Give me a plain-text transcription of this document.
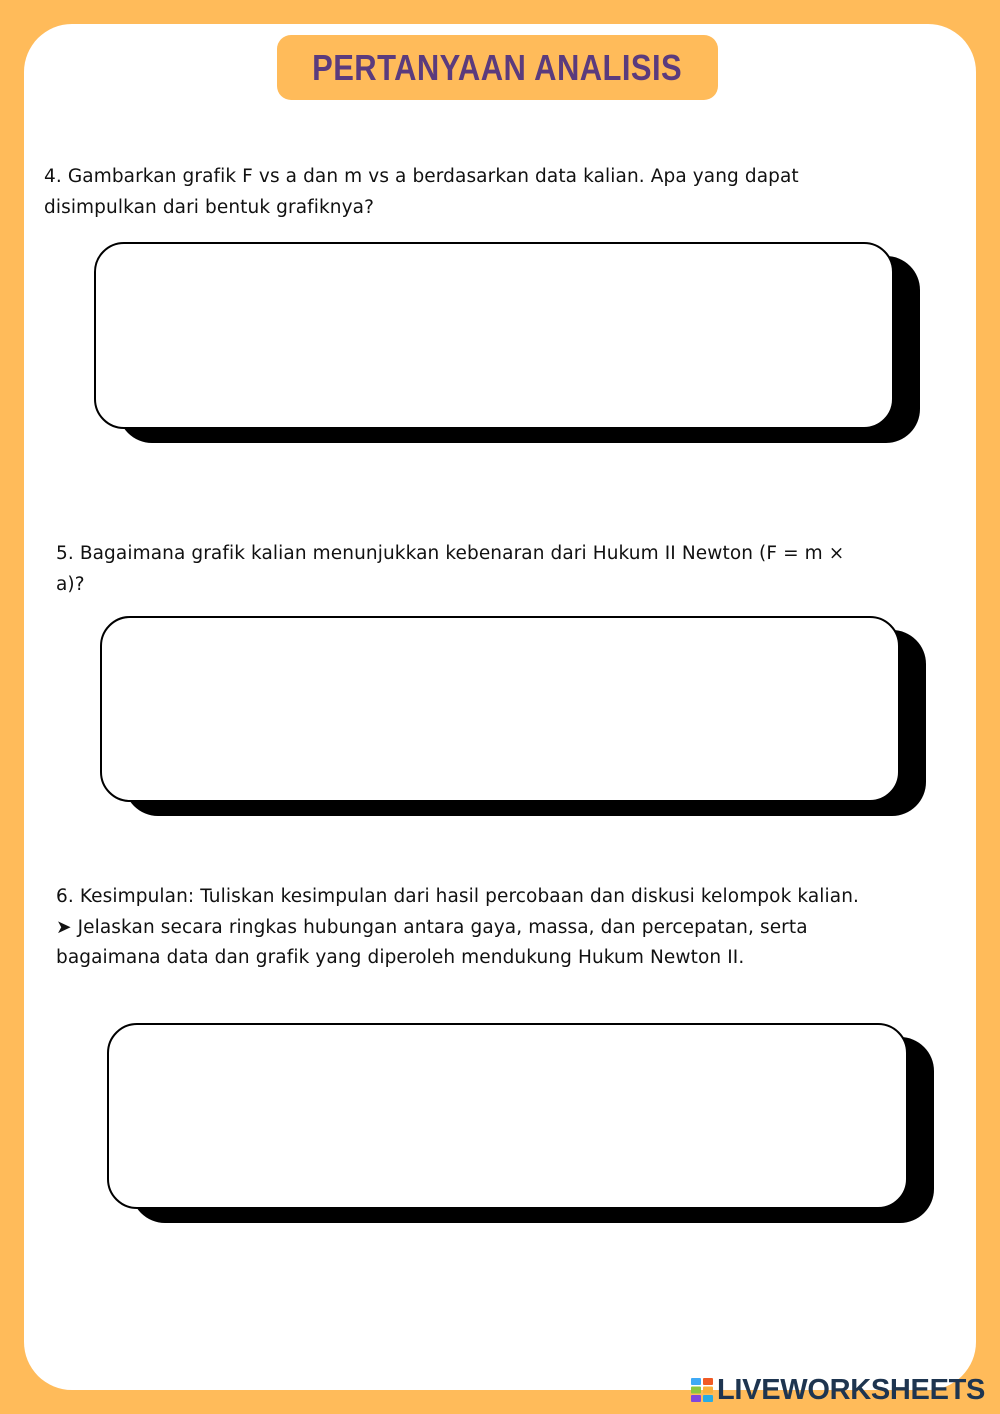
PERTANYAAN ANALISIS
4. Gambarkan grafik F vs a dan m vs a berdasarkan data kalian. Apa yang dapat
disimpulkan dari bentuk grafiknya?
5. Bagaimana grafik kalian menunjukkan kebenaran dari Hukum II Newton (F = m ×
a)?
6. Kesimpulan: Tuliskan kesimpulan dari hasil percobaan dan diskusi kelompok kalian.
➤ Jelaskan secara ringkas hubungan antara gaya, massa, dan percepatan, serta
bagaimana data dan grafik yang diperoleh mendukung Hukum Newton II.
LIVEWORKSHEETS
